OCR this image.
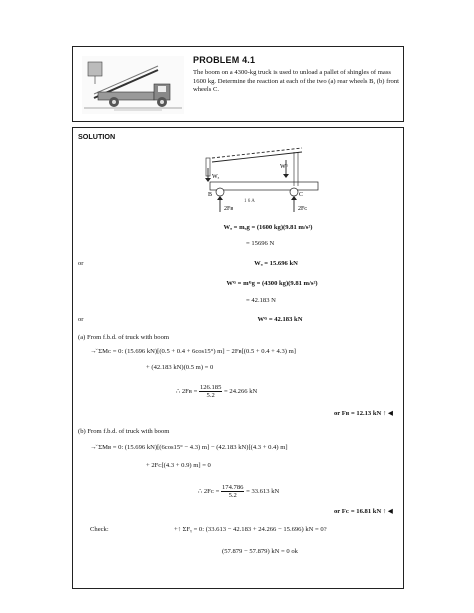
PROBLEM 4.1
The boom on a 4300-kg truck is used to unload a pallet of shingles of mass 1600 kg. Determine the reaction at each of the two (a) rear wheels B, (b) front wheels C.
SOLUTION
Wₐ
Wᴳ
B	C
2Fʙ	2Fᴄ
1 6 A
Wₐ = mₐg = (1600 kg)(9.81 m/s²)
= 15696 N
or	Wₐ = 15.696 kN
Wᴳ = mᴳg = (4300 kg)(9.81 m/s²)
= 42.183 N
or	Wᴳ = 42.183 kN
(a) From f.b.d. of truck with boom
→̆ ΣMᴄ = 0: (15.696 kN)[(0.5 + 0.4 + 6cos15°) m] − 2Fʙ[(0.5 + 0.4 + 4.3) m]
+ (42.183 kN)(0.5 m) = 0
∴ 2Fʙ = $\frac{126.185}{5.2} = 24.266$ kN
or Fʙ = 12.13 kN ↑ ◀
(b) From f.b.d. of truck with boom
→̆ ΣMʙ = 0: (15.696 kN)[(6cos15° − 4.3) m] − (42.183 kN)[(4.3 + 0.4) m]
+ 2Fᴄ[(4.3 + 0.9) m] = 0
∴ 2Fᴄ = $\frac{174.786}{5.2} = 33.613$ kN
or Fᴄ = 16.81 kN ↑ ◀
Check:	+↑ ΣFᵧ = 0: (33.613 − 42.183 + 24.266 − 15.696) kN = 0?
(57.879 − 57.879) kN = 0 ok
